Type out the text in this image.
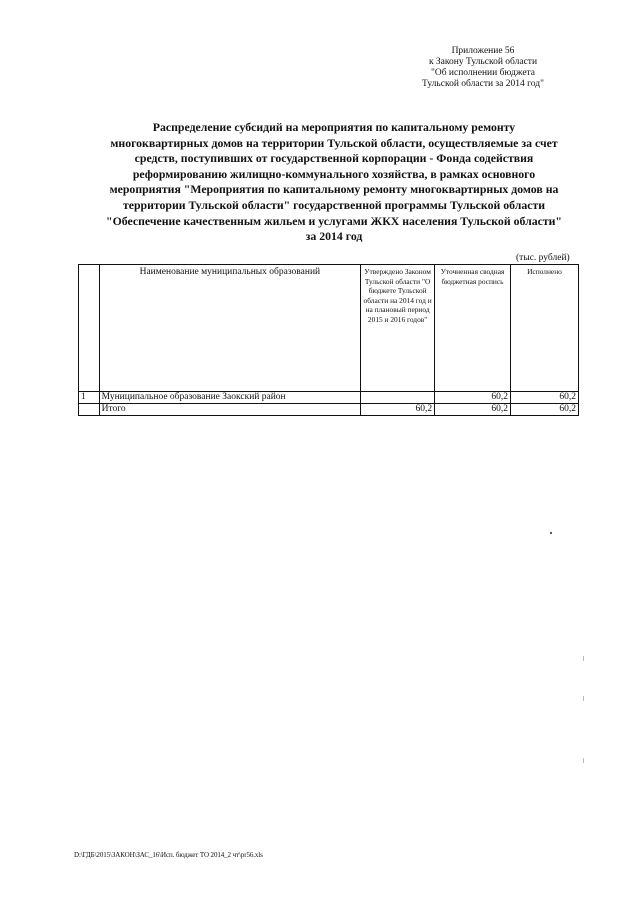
Приложение 56
к Закону Тульской области
"Об исполнении бюджета
Тульской области за 2014 год"
Распределение субсидий на мероприятия по капитальному ремонту
многоквартирных домов на территории Тульской области, осуществляемые за счет
средств, поступивших от государственной корпорации - Фонда содействия
реформированию жилищно-коммунального хозяйства, в рамках основного
мероприятия "Мероприятия по капитальному ремонту многоквартирных домов на
территории Тульской области" государственной программы Тульской области
"Обеспечение качественным жильем и услугами ЖКХ населения Тульской области"
за 2014 год
(тыс. рублей)
	Наименование муниципальных образований	Утверждено Законом Тульской области "О бюджете Тульской области на 2014 год и на плановый период 2015 и 2016 годов"	Уточненная сводная бюджетная роспись	Исполнено
1	Муниципальное образование Заокский район		60,2	60,2
	Итого	60,2	60,2	60,2
D:\ГДБ\2015\ЗАКОН\ЗАС_16\Исп. бюджет ТО 2014_2 чт\pr56.xls
